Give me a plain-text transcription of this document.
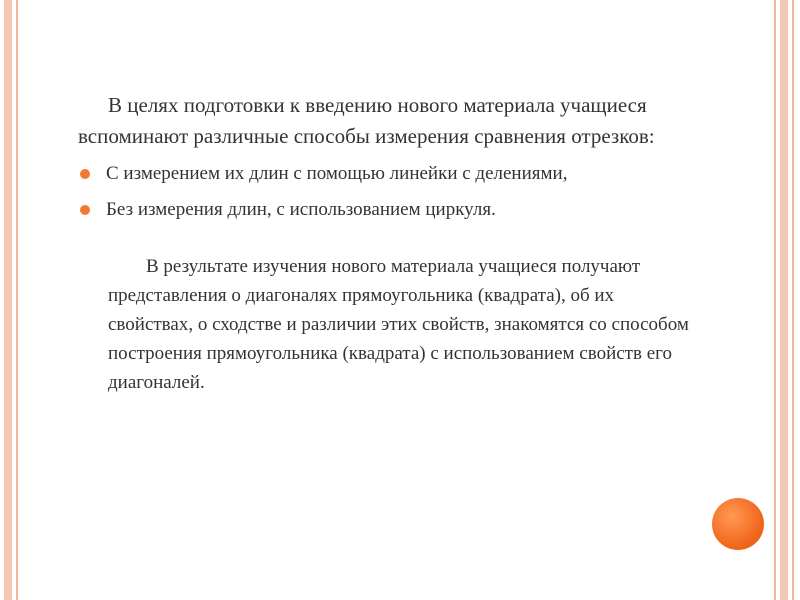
В целях подготовки к введению нового материала учащиеся вспоминают различные способы измерения сравнения отрезков:

С измерением их длин с помощью линейки с делениями,
Без измерения длин, с использованием циркуля.

В результате изучения нового материала учащиеся получают представления о диагоналях прямоугольника (квадрата), об их свойствах, о сходстве и различии этих свойств, знакомятся со способом построения прямоугольника (квадрата) с использованием свойств его диагоналей.
